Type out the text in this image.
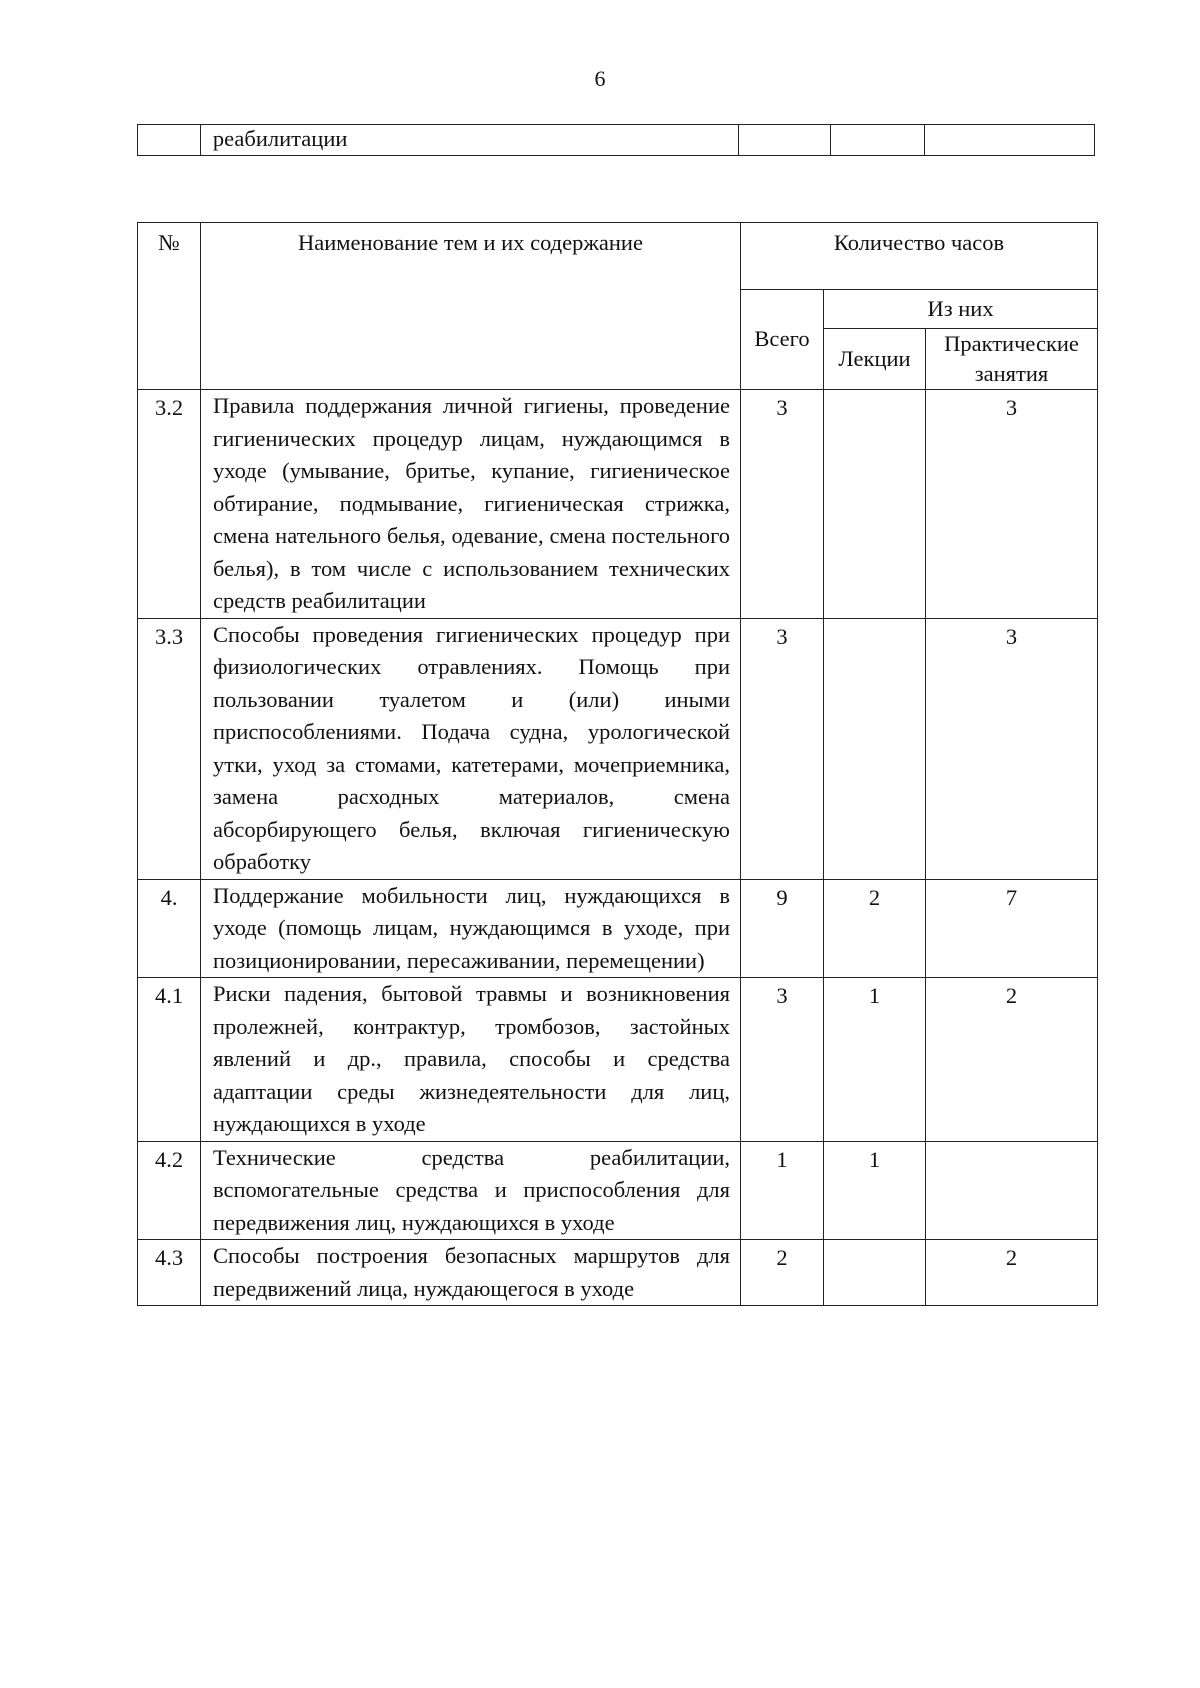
6
	реабилитации			
№	Наименование тем и их содержание	Количество часов		
		Всего	Из них	
			Лекции	Практические занятия
3.2	Правила поддержания личной гигиены, проведение гигиенических процедур лицам, нуждающимся в уходе (умывание, бритье, купание, гигиеническое обтирание, подмывание, гигиеническая стрижка, смена нательного белья, одевание, смена постельного белья), в том числе с использованием технических средств реабилитации	3		3
3.3	Способы проведения гигиенических процедур при физиологических отравлениях. Помощь при пользовании туалетом и (или) иными приспособлениями. Подача судна, урологической утки, уход за стомами, катетерами, мочеприемника, замена расходных материалов, смена абсорбирующего белья, включая гигиеническую обработку	3		3
4.	Поддержание мобильности лиц, нуждающихся в уходе (помощь лицам, нуждающимся в уходе, при позиционировании, пересаживании, перемещении)	9	2	7
4.1	Риски падения, бытовой травмы и возникновения пролежней, контрактур, тромбозов, застойных явлений и др., правила, способы и средства адаптации среды жизнедеятельности для лиц, нуждающихся в уходе	3	1	2
4.2	Технические средства реабилитации, вспомогательные средства и приспособления для передвижения лиц, нуждающихся в уходе	1	1	
4.3	Способы построения безопасных маршрутов для передвижений лица, нуждающегося в уходе	2		2
